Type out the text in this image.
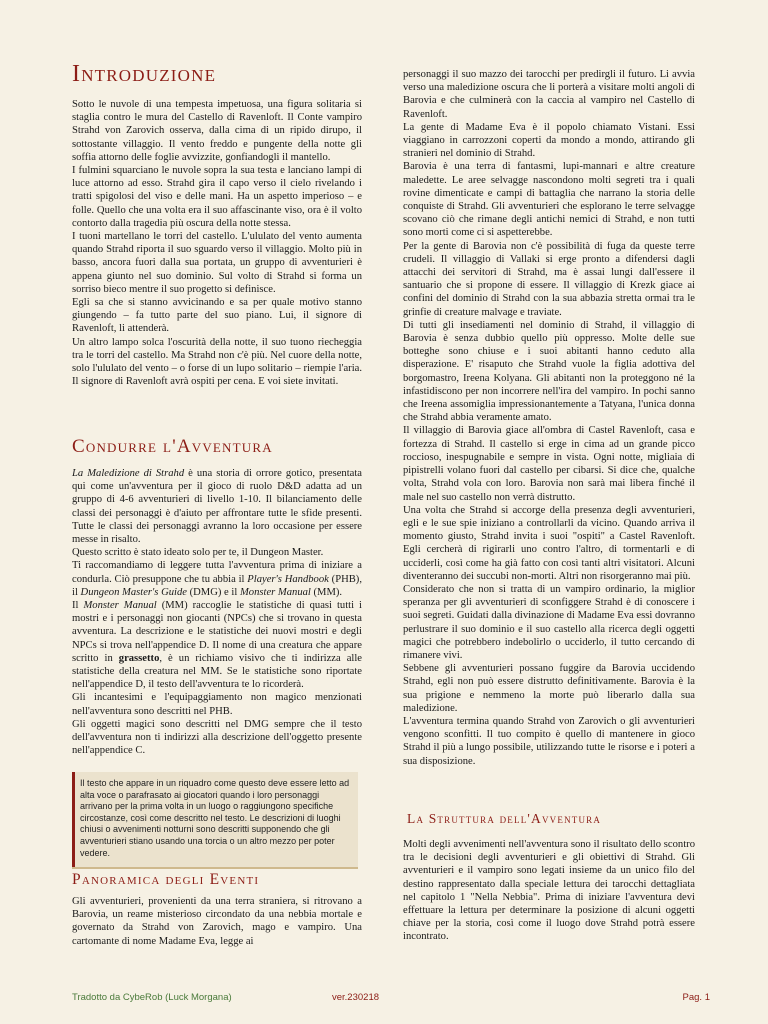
Introduzione

Sotto le nuvole di una tempesta impetuosa, una figura solitaria si staglia contro le mura del Castello di Ravenloft. Il Conte vampiro Strahd von Zarovich osserva, dalla cima di un ripido dirupo, il sottostante villaggio. Il vento freddo e pungente della notte gli soffia attorno delle foglie avvizzite, gonfiandogli il mantello.

I fulmini squarciano le nuvole sopra la sua testa e lanciano lampi di luce attorno ad esso. Strahd gira il capo verso il cielo rivelando i tratti spigolosi del viso e delle mani. Ha un aspetto imperioso – e folle. Quello che una volta era il suo affascinante viso, ora è il volto contorto dalla tragedia più oscura della notte stessa.

I tuoni martellano le torri del castello. L'ululato del vento aumenta quando Strahd riporta il suo sguardo verso il villaggio. Molto più in basso, ancora fuori dalla sua portata, un gruppo di avventurieri è appena giunto nel suo dominio. Sul volto di Strahd si forma un sorriso bieco mentre il suo progetto si definisce.

Egli sa che si stanno avvicinando e sa per quale motivo stanno giungendo – fa tutto parte del suo piano. Lui, il signore di Ravenloft, li attenderà.

Un altro lampo solca l'oscurità della notte, il suo tuono riecheggia tra le torri del castello. Ma Strahd non c'è più. Nel cuore della notte, solo l'ululato del vento – o forse di un lupo solitario – riempie l'aria. Il signore di Ravenloft avrà ospiti per cena. E voi siete invitati.

Condurre l'Avventura

La Maledizione di Strahd è una storia di orrore gotico, presentata qui come un'avventura per il gioco di ruolo D&D adatta ad un gruppo di 4-6 avventurieri di livello 1-10. Il bilanciamento delle classi dei personaggi è d'aiuto per affrontare tutte le sfide presenti. Tutte le classi dei personaggi avranno la loro occasione per essere messe in risalto.

Questo scritto è stato ideato solo per te, il Dungeon Master.

Ti raccomandiamo di leggere tutta l'avventura prima di iniziare a condurla. Ciò presuppone che tu abbia il Player's Handbook (PHB), il Dungeon Master's Guide (DMG) e il Monster Manual (MM).

Il Monster Manual (MM) raccoglie le statistiche di quasi tutti i mostri e i personaggi non giocanti (NPCs) che si trovano in questa avventura. La descrizione e le statistiche dei nuovi mostri e degli NPCs si trova nell'appendice D. Il nome di una creatura che appare scritto in grassetto, è un richiamo visivo che ti indirizza alle statistiche della creatura nel MM. Se le statistiche sono riportate nell'appendice D, il testo dell'avventura te lo ricorderà.

Gli incantesimi e l'equipaggiamento non magico menzionati nell'avventura sono descritti nel PHB.

Gli oggetti magici sono descritti nel DMG sempre che il testo dell'avventura non ti indirizzi alla descrizione dell'oggetto presente nell'appendice C.

Il testo che appare in un riquadro come questo deve essere letto ad alta voce o parafrasato ai giocatori quando i loro personaggi arrivano per la prima volta in un luogo o raggiungono specifiche circostanze, così come descritto nel testo. Le descrizioni di luoghi chiusi o avvenimenti notturni sono descritti supponendo che gli avventurieri stiano usando una torcia o un altro mezzo per poter vedere.
Panoramica degli Eventi

Gli avventurieri, provenienti da una terra straniera, si ritrovano a Barovia, un reame misterioso circondato da una nebbia mortale e governato da Strahd von Zarovich, mago e vampiro. Una cartomante di nome Madame Eva, legge ai

personaggi il suo mazzo dei tarocchi per predirgli il futuro. Li avvia verso una maledizione oscura che li porterà a visitare molti angoli di Barovia e che culminerà con la caccia al vampiro nel Castello di Ravenloft.

La gente di Madame Eva è il popolo chiamato Vistani. Essi viaggiano in carrozzoni coperti da mondo a mondo, attirando gli stranieri nel dominio di Strahd.

Barovia è una terra di fantasmi, lupi-mannari e altre creature maledette. Le aree selvagge nascondono molti segreti tra i quali rovine dimenticate e campi di battaglia che narrano la storia delle conquiste di Strahd. Gli avventurieri che esplorano le terre selvagge scovano ciò che rimane degli antichi nemici di Strahd, e non tutti sono morti come ci si aspetterebbe.

Per la gente di Barovia non c'è possibilità di fuga da queste terre crudeli. Il villaggio di Vallaki si erge pronto a difendersi dagli attacchi dei servitori di Strahd, ma è assai lungi dall'essere il santuario che si propone di essere. Il villaggio di Krezk giace ai confini del dominio di Strahd con la sua abbazia stretta ormai tra le grinfie di creature malvage e traviate.

Di tutti gli insediamenti nel dominio di Strahd, il villaggio di Barovia è senza dubbio quello più oppresso. Molte delle sue botteghe sono chiuse e i suoi abitanti hanno ceduto alla disperazione. E' risaputo che Strahd vuole la figlia adottiva del borgomastro, Ireena Kolyana. Gli abitanti non la proteggono né la infastidiscono per non incorrere nell'ira del vampiro. In pochi sanno che Ireena assomiglia impressionantemente a Tatyana, l'unica donna che Strahd abbia veramente amato.

Il villaggio di Barovia giace all'ombra di Castel Ravenloft, casa e fortezza di Strahd. Il castello si erge in cima ad un grande picco roccioso, inespugnabile e sempre in vista. Ogni notte, migliaia di pipistrelli volano fuori dal castello per cibarsi. Si dice che, qualche volta, Strahd vola con loro. Barovia non sarà mai libera finché il male nel suo castello non verrà distrutto.

Una volta che Strahd si accorge della presenza degli avventurieri, egli e le sue spie iniziano a controllarli da vicino. Quando arriva il momento giusto, Strahd invita i suoi "ospiti" a Castel Ravenloft. Egli cercherà di rigirarli uno contro l'altro, di tormentarli e di ucciderli, così come ha già fatto con così tanti altri visitatori. Alcuni diventeranno dei succubi non-morti. Altri non risorgeranno mai più.

Considerato che non si tratta di un vampiro ordinario, la miglior speranza per gli avventurieri di sconfiggere Strahd è di conoscere i suoi segreti. Guidati dalla divinazione di Madame Eva essi dovranno perlustrare il suo dominio e il suo castello alla ricerca degli oggetti magici che potrebbero indebolirlo o ucciderlo, il tutto cercando di rimanere vivi.

Sebbene gli avventurieri possano fuggire da Barovia uccidendo Strahd, egli non può essere distrutto definitivamente. Barovia è la sua prigione e nemmeno la morte può liberarlo dalla sua maledizione.

L'avventura termina quando Strahd von Zarovich o gli avventurieri vengono sconfitti. Il tuo compito è quello di mantenere in gioco Strahd il più a lungo possibile, utilizzando tutte le risorse e i poteri a sua disposizione.

La Struttura dell'Avventura

Molti degli avvenimenti nell'avventura sono il risultato dello scontro tra le decisioni degli avventurieri e gli obiettivi di Strahd. Gli avventurieri e il vampiro sono legati insieme da un unico filo del destino rappresentato dalla speciale lettura dei tarocchi dettagliata nel capitolo 1 "Nella Nebbia". Prima di iniziare l'avventura devi effettuare la lettura per determinare la posizione di alcuni oggetti chiave per la storia, così come il luogo dove Strahd potrà essere incontrato.

Tradotto da CybeRob (Luck Morgana)	ver.230218	Pag. 1
